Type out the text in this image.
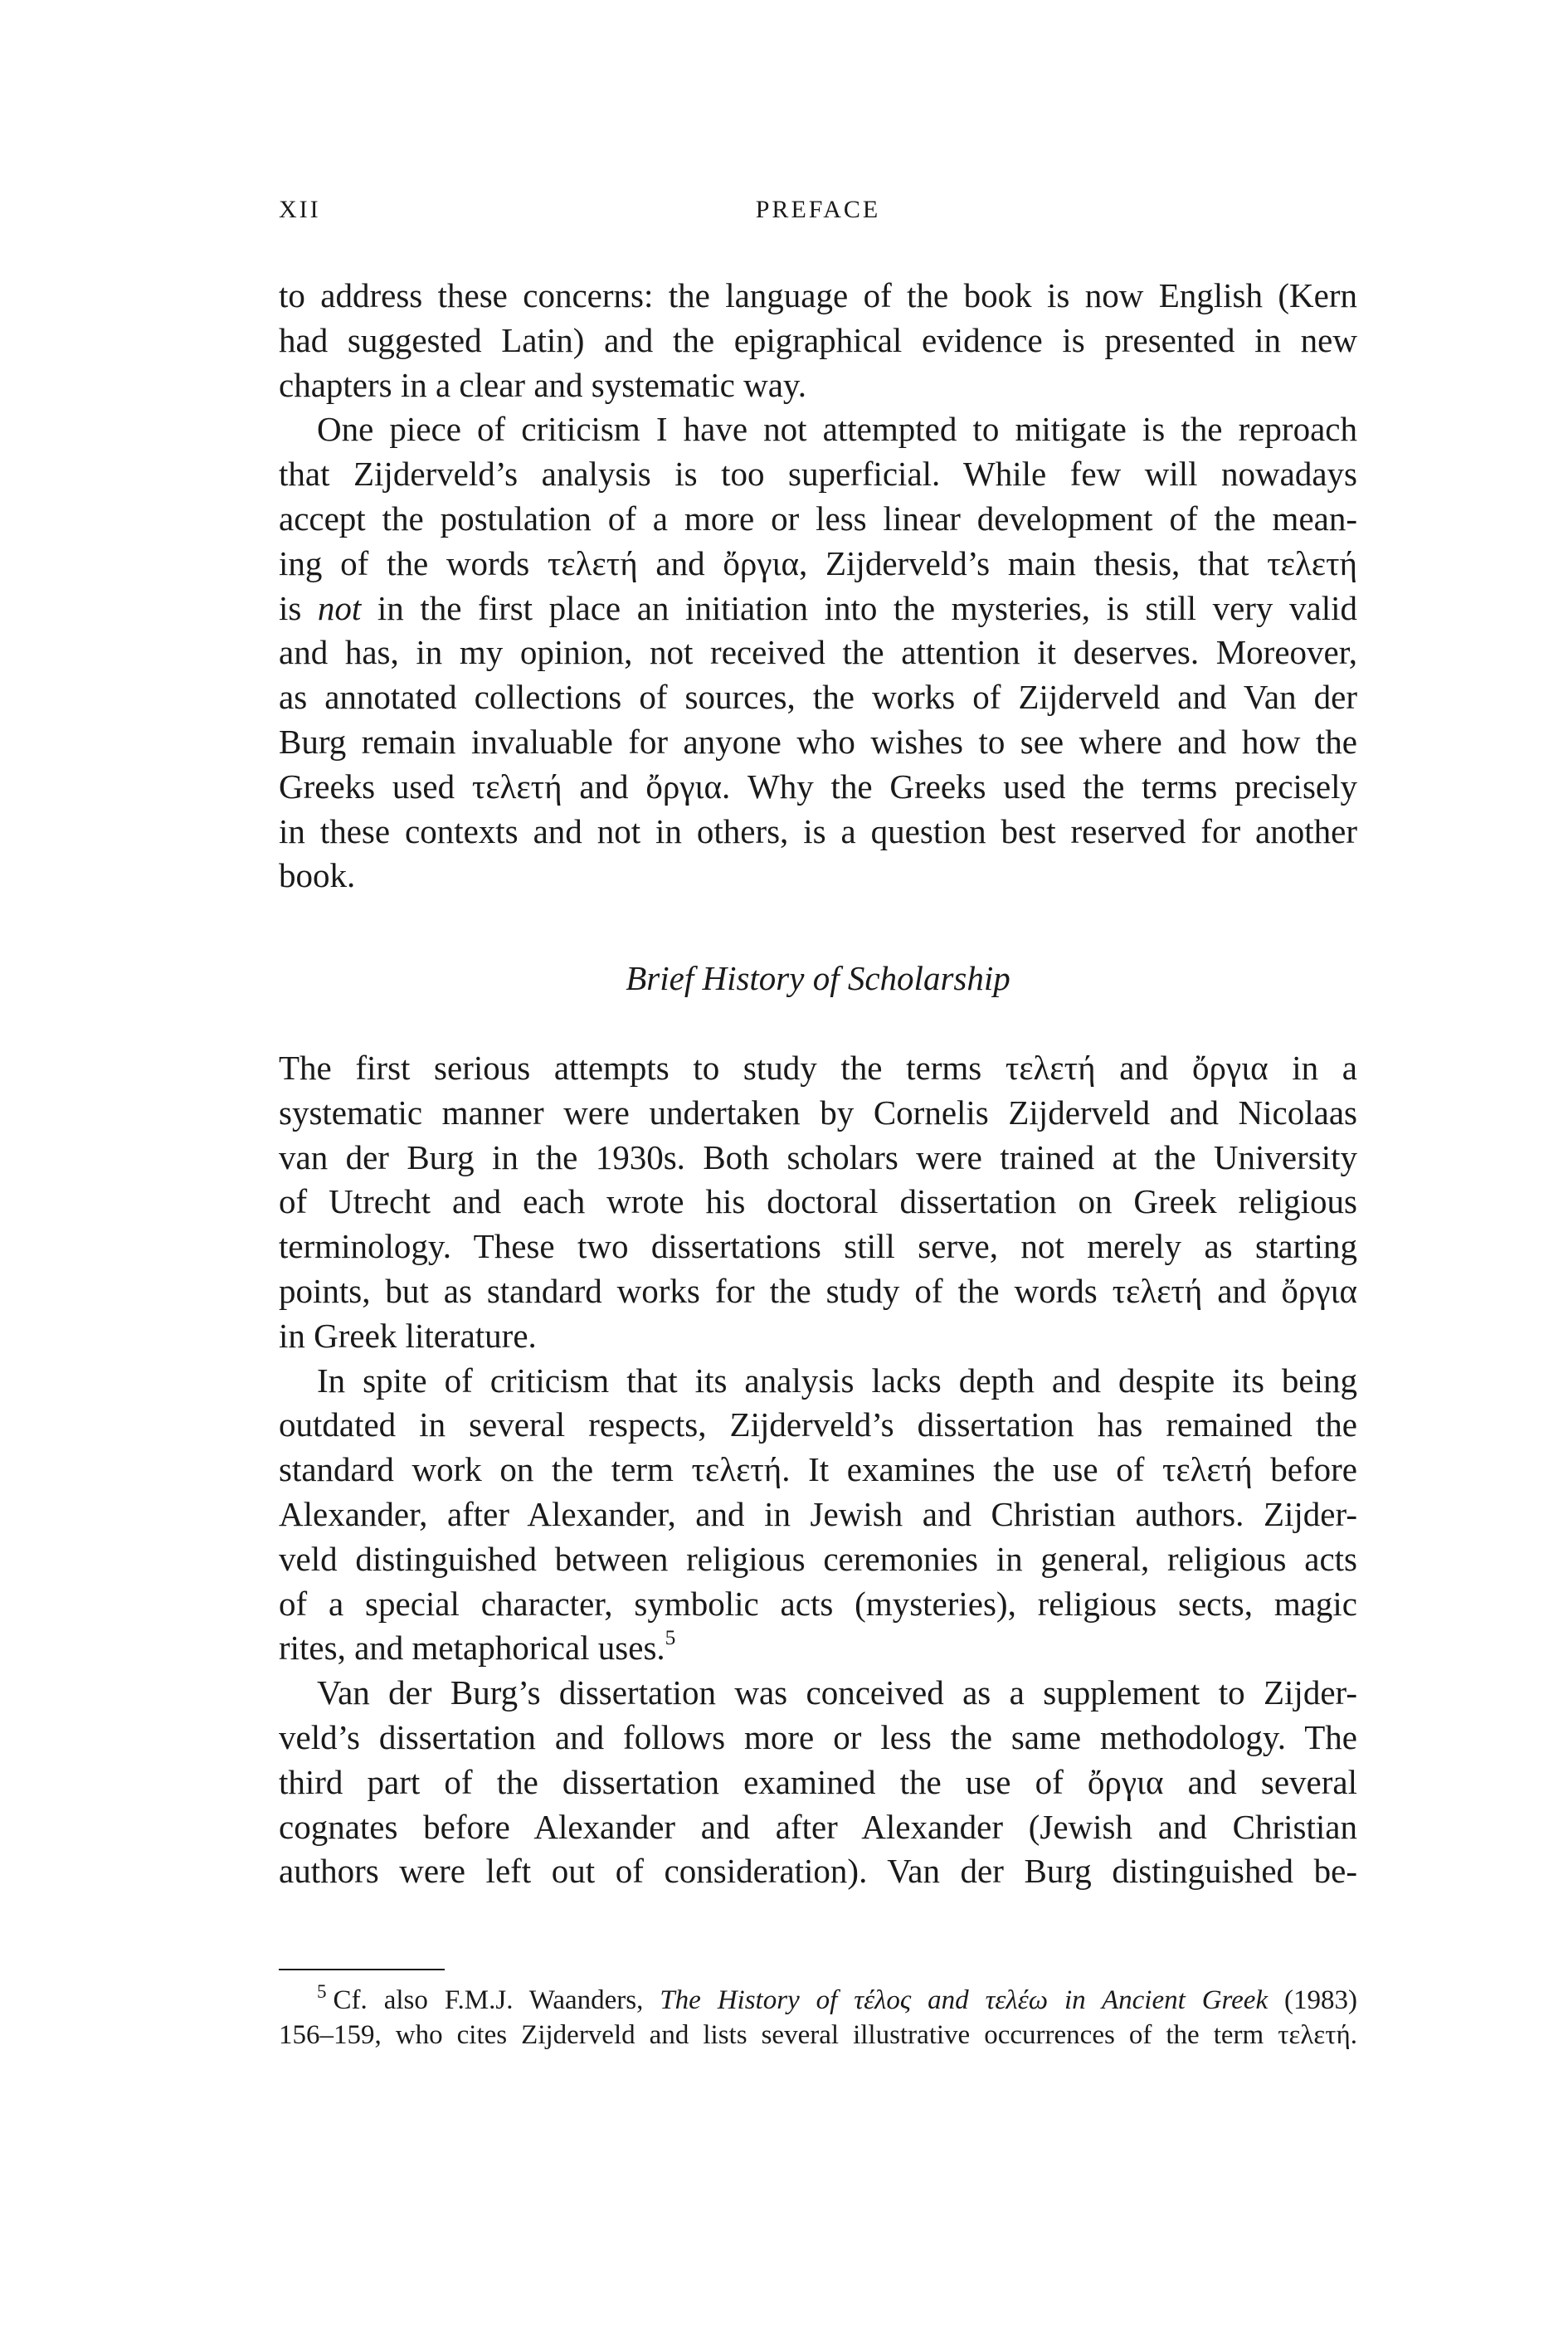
XII	PREFACE
to address these concerns: the language of the book is now English (Kern
had suggested Latin) and the epigraphical evidence is presented in new
chapters in a clear and systematic way.
One piece of criticism I have not attempted to mitigate is the reproach
that Zijderveld’s analysis is too superficial. While few will nowadays
accept the postulation of a more or less linear development of the mean-
ing of the words τελετή and ὄργια, Zijderveld’s main thesis, that τελετή
is not in the first place an initiation into the mysteries, is still very valid
and has, in my opinion, not received the attention it deserves. Moreover,
as annotated collections of sources, the works of Zijderveld and Van der
Burg remain invaluable for anyone who wishes to see where and how the
Greeks used τελετή and ὄργια. Why the Greeks used the terms precisely
in these contexts and not in others, is a question best reserved for another
book.
Brief History of Scholarship
The first serious attempts to study the terms τελετή and ὄργια in a
systematic manner were undertaken by Cornelis Zijderveld and Nicolaas
van der Burg in the 1930s. Both scholars were trained at the University
of Utrecht and each wrote his doctoral dissertation on Greek religious
terminology. These two dissertations still serve, not merely as starting
points, but as standard works for the study of the words τελετή and ὄργια
in Greek literature.
In spite of criticism that its analysis lacks depth and despite its being
outdated in several respects, Zijderveld’s dissertation has remained the
standard work on the term τελετή. It examines the use of τελετή before
Alexander, after Alexander, and in Jewish and Christian authors. Zijder-
veld distinguished between religious ceremonies in general, religious acts
of a special character, symbolic acts (mysteries), religious sects, magic
rites, and metaphorical uses.$^5$
Van der Burg’s dissertation was conceived as a supplement to Zijder-
veld’s dissertation and follows more or less the same methodology. The
third part of the dissertation examined the use of ὄργια and several
cognates before Alexander and after Alexander (Jewish and Christian
authors were left out of consideration). Van der Burg distinguished be-
$^5$ Cf. also F.M.J. Waanders, The History of τέλος and τελέω in Ancient Greek (1983)
156–159, who cites Zijderveld and lists several illustrative occurrences of the term τελετή.
